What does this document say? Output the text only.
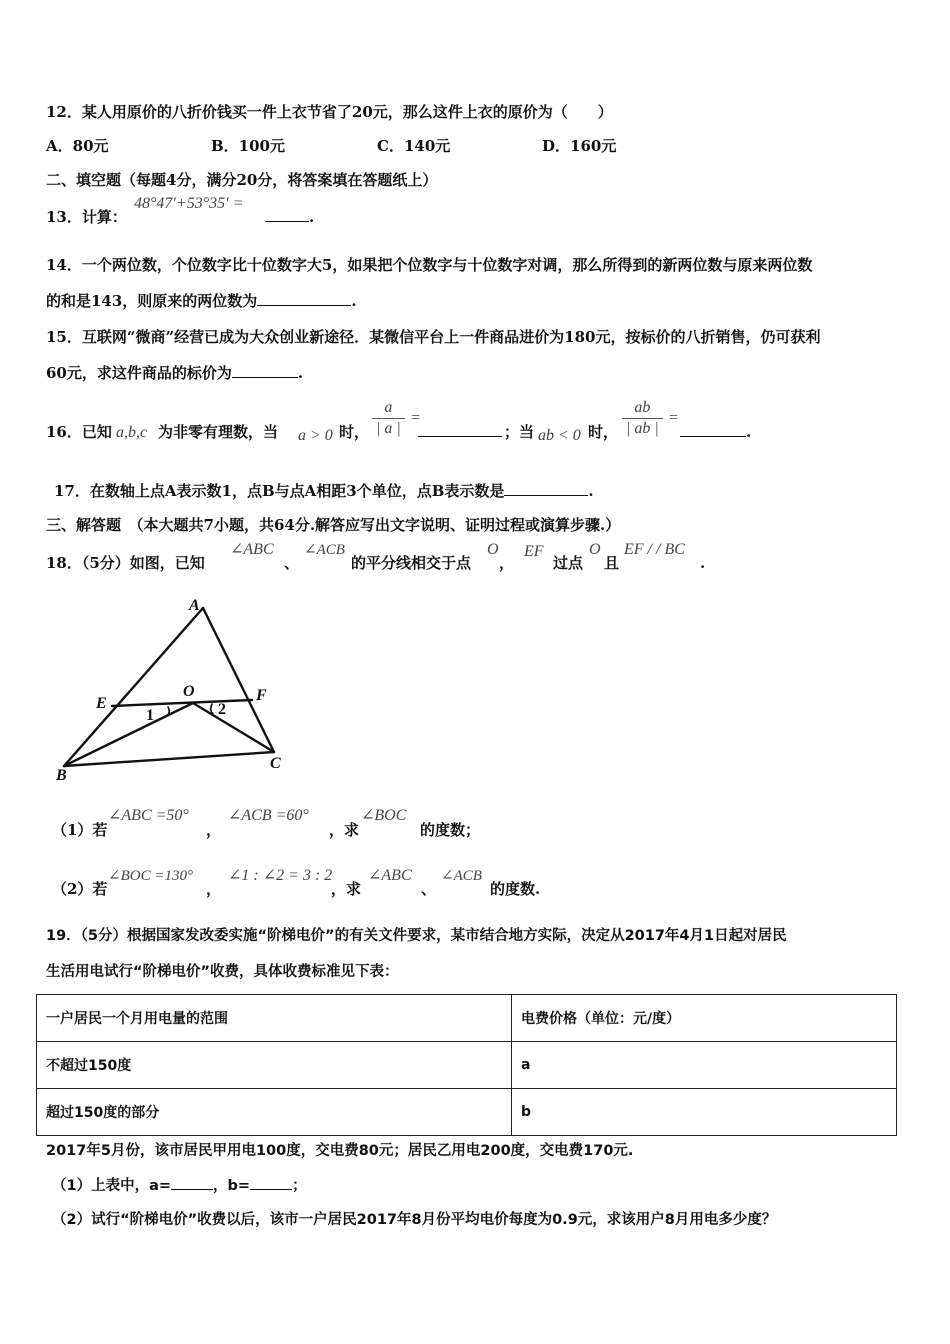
12．某人用原价的八折价钱买一件上衣节省了20元，那么这件上衣的原价为（　　）
A．80元	B．100元	C．140元	D．160元
二、填空题（每题4分，满分20分，将答案填在答题纸上）
13．计算：
48°47′+53°35′ =
.
14．一个两位数，个位数字比十位数字大5，如果把个位数字与十位数字对调，那么所得到的新两位数与原来两位数
的和是143，则原来的两位数为	.
15．互联网“微商”经营已成为大众创业新途径．某微信平台上一件商品进价为180元，按标价的八折销售，仍可获利
60元，求这件商品的标价为	.
16．已知 a,b,c 为非零有理数，当 a > 0 时， $\frac{a}{| a |}$ =
；当 ab < 0 时， $\frac{ab}{| ab |}$ =
.
17．在数轴上点A表示数1，点B与点A相距3个单位，点B表示数是	.
三、解答题　（本大题共7小题，共64分.解答应写出文字说明、证明过程或演算步骤.）
18．（5分）如图，已知
∠ABC
、
∠ACB
的平分线相交于点
O
，
EF
过点
O
且
EF / / BC
.
A
B
C
E	F
O
1	2
（1）若
∠ABC =50°
，
∠ACB =60°
，求
∠BOC
的度数；
（2）若
∠BOC =130°
，
∠1 : ∠2 = 3 : 2
，求
∠ABC
、
∠ACB
的度数.
19．（5分）根据国家发改委实施“阶梯电价”的有关文件要求，某市结合地方实际，决定从2017年4月1日起对居民
生活用电试行“阶梯电价”收费，具体收费标准见下表：
一户居民一个月用电量的范围	电费价格（单位：元/度）
不超过150度	a
超过150度的部分	b
2017年5月份，该市居民甲用电100度，交电费80元；居民乙用电200度，交电费170元.
（1）上表中，a=	，b=	；
（2）试行“阶梯电价”收费以后，该市一户居民2017年8月份平均电价每度为0.9元，求该用户8月用电多少度？
